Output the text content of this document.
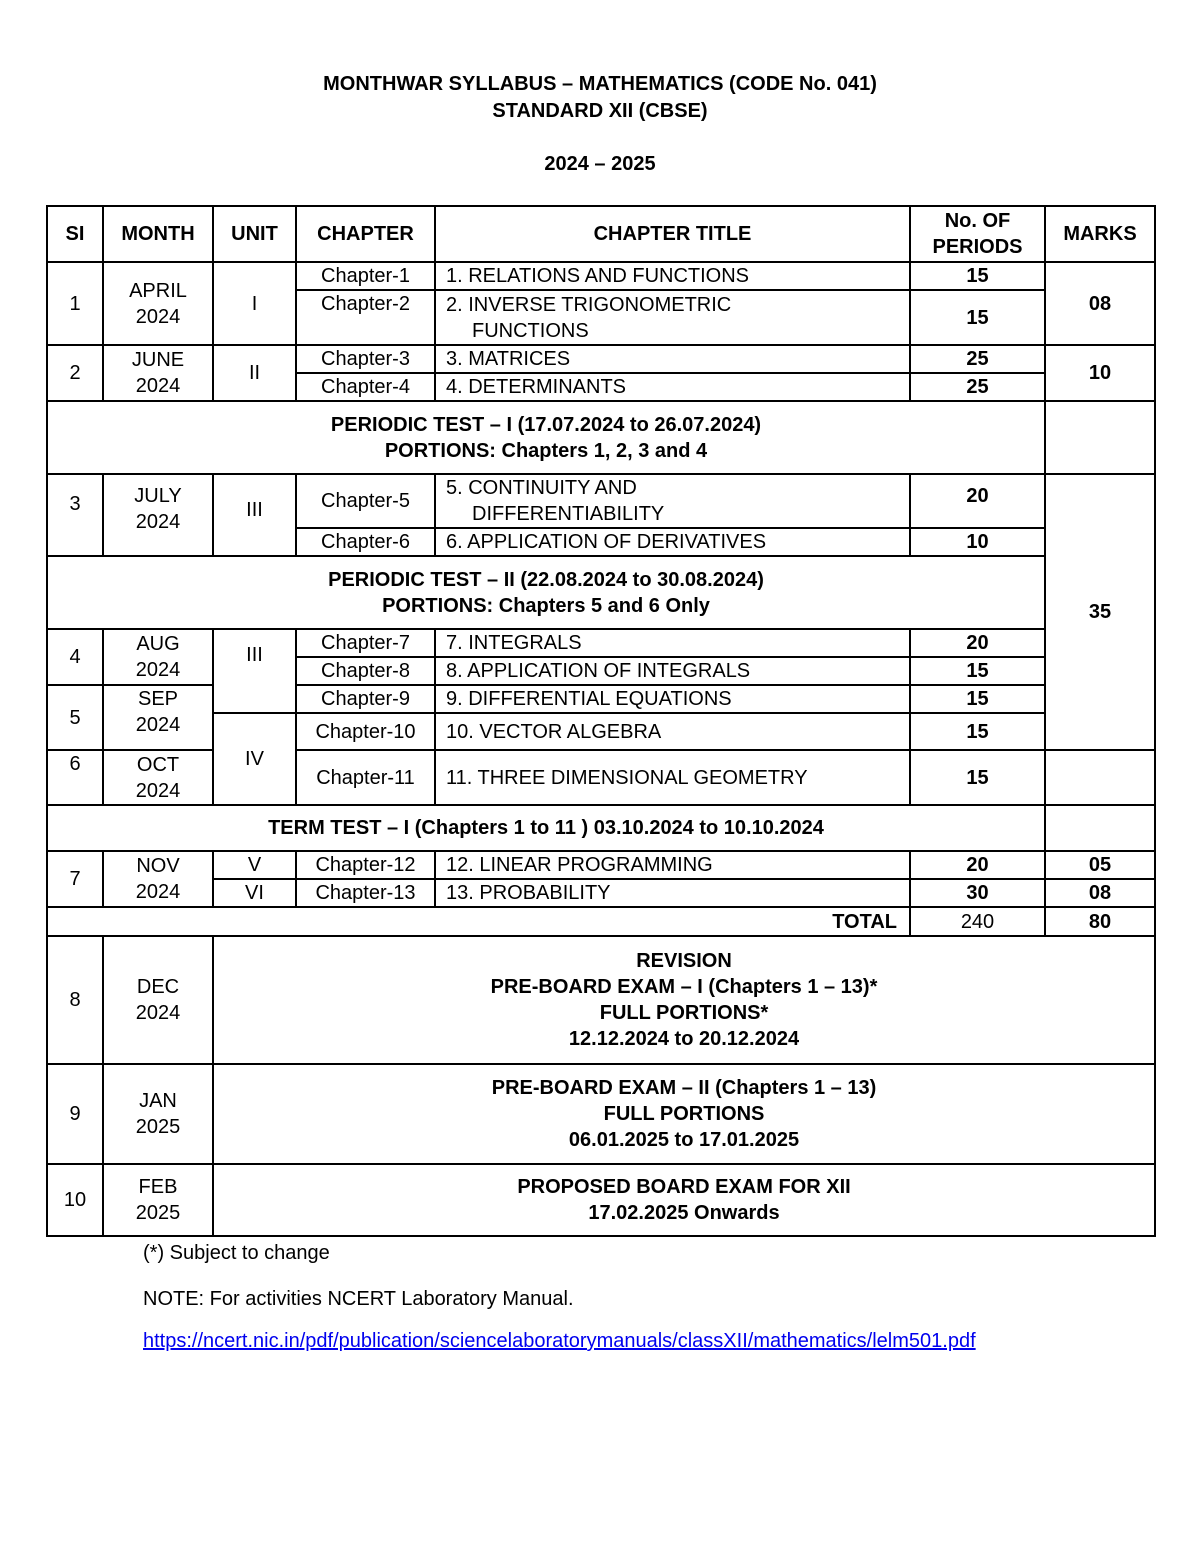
MONTHWAR SYLLABUS – MATHEMATICS (CODE No. 041)
STANDARD XII (CBSE)
2024 – 2025
SI	MONTH	UNIT	CHAPTER	CHAPTER TITLE	No. OF
PERIODS	MARKS	
1	APRIL
2024	I	Chapter-1	1. RELATIONS AND FUNCTIONS	15	08	
			Chapter-2	2. INVERSE TRIGONOMETRIC
FUNCTIONS	15		
2	JUNE
2024	II	Chapter-3	3. MATRICES	25	10	
			Chapter-4	4. DETERMINANTS	25		
PERIODIC TEST – I (17.07.2024 to 26.07.2024)
PORTIONS: Chapters 1, 2, 3 and 4							
3	JULY
2024	III	Chapter-5	5. CONTINUITY AND
DIFFERENTIABILITY	20	35	
			Chapter-6	6. APPLICATION OF DERIVATIVES	10		
PERIODIC TEST – II (22.08.2024 to 30.08.2024)
PORTIONS: Chapters 5 and 6 Only							
4	AUG
2024	III	Chapter-7	7. INTEGRALS	20		
			Chapter-8	8. APPLICATION OF INTEGRALS	15		
5	SEP
2024		Chapter-9	9. DIFFERENTIAL EQUATIONS	15		
		IV	Chapter-10	10. VECTOR ALGEBRA	15	
6	OCT
2024		Chapter-11	11. THREE DIMENSIONAL GEOMETRY	15		
TERM TEST – I (Chapters 1 to 11 ) 03.10.2024 to 10.10.2024							
7	NOV
2024	V	Chapter-12	12. LINEAR PROGRAMMING	20	05	
		VI	Chapter-13	13. PROBABILITY	30	08	
TOTAL					240	80	
8	DEC
2024	REVISION
PRE-BOARD EXAM – I (Chapters 1 – 13)*
FULL PORTIONS*
12.12.2024 to 20.12.2024					
9	JAN
2025	PRE-BOARD EXAM – II (Chapters 1 – 13)
FULL PORTIONS
06.01.2025 to 17.01.2025					
10	FEB
2025	PROPOSED BOARD EXAM FOR XII
17.02.2025 Onwards					
(*) Subject to change
NOTE: For activities NCERT Laboratory Manual.
https://ncert.nic.in/pdf/publication/sciencelaboratorymanuals/classXII/mathematics/lelm501.pdf
